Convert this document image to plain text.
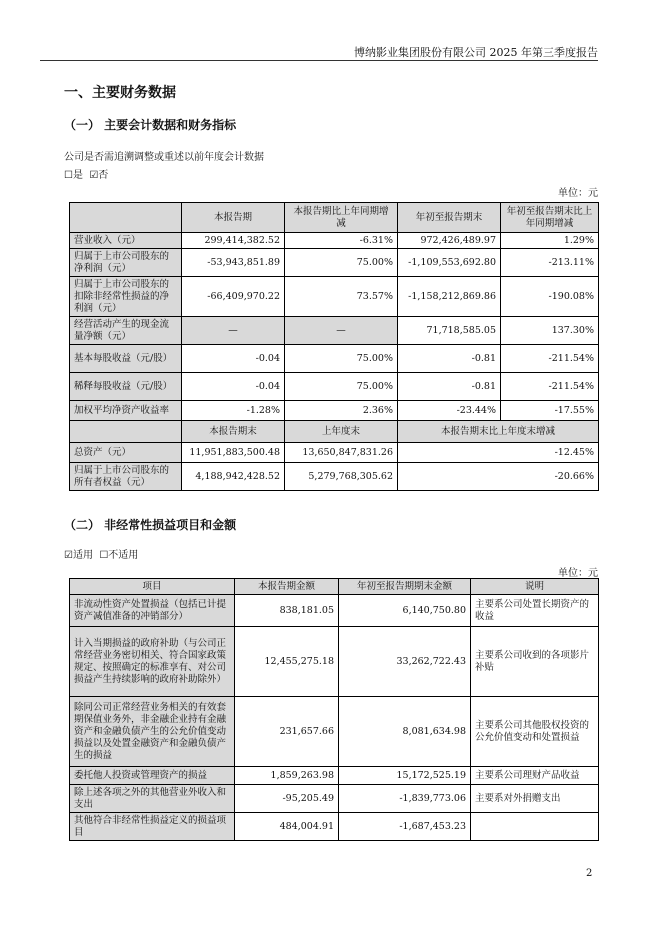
博纳影业集团股份有限公司 2025 年第三季度报告
一、主要财务数据
（一） 主要会计数据和财务指标
公司是否需追溯调整或重述以前年度会计数据
☐是 ☑否
单位：元
	本报告期	本报告期比上年同期增减	年初至报告期末	年初至报告期末比上年同期增减
营业收入（元）	299,414,382.52	-6.31%	972,426,489.97	1.29%
归属于上市公司股东的净利润（元）	-53,943,851.89	75.00%	-1,109,553,692.80	-213.11%
归属于上市公司股东的扣除非经常性损益的净利润（元）	-66,409,970.22	73.57%	-1,158,212,869.86	-190.08%
经营活动产生的现金流量净额（元）	—	—	71,718,585.05	137.30%
基本每股收益（元/股）	-0.04	75.00%	-0.81	-211.54%
稀释每股收益（元/股）	-0.04	75.00%	-0.81	-211.54%
加权平均净资产收益率	-1.28%	2.36%	-23.44%	-17.55%
	本报告期末	上年度末	本报告期末比上年度末增减	
总资产（元）	11,951,883,500.48	13,650,847,831.26	-12.45%	
归属于上市公司股东的所有者权益（元）	4,188,942,428.52	5,279,768,305.62	-20.66%	
（二） 非经常性损益项目和金额
☑适用 ☐不适用
单位：元
项目	本报告期金额	年初至报告期期末金额	说明
非流动性资产处置损益（包括已计提资产减值准备的冲销部分）	838,181.05	6,140,750.80	主要系公司处置长期资产的收益
计入当期损益的政府补助（与公司正常经营业务密切相关、符合国家政策规定、按照确定的标准享有、对公司损益产生持续影响的政府补助除外）	12,455,275.18	33,262,722.43	主要系公司收到的各项影片补贴
除同公司正常经营业务相关的有效套期保值业务外，非金融企业持有金融资产和金融负债产生的公允价值变动损益以及处置金融资产和金融负债产生的损益	231,657.66	8,081,634.98	主要系公司其他股权投资的公允价值变动和处置损益
委托他人投资或管理资产的损益	1,859,263.98	15,172,525.19	主要系公司理财产品收益
除上述各项之外的其他营业外收入和支出	-95,205.49	-1,839,773.06	主要系对外捐赠支出
其他符合非经常性损益定义的损益项目	484,004.91	-1,687,453.23	
2
